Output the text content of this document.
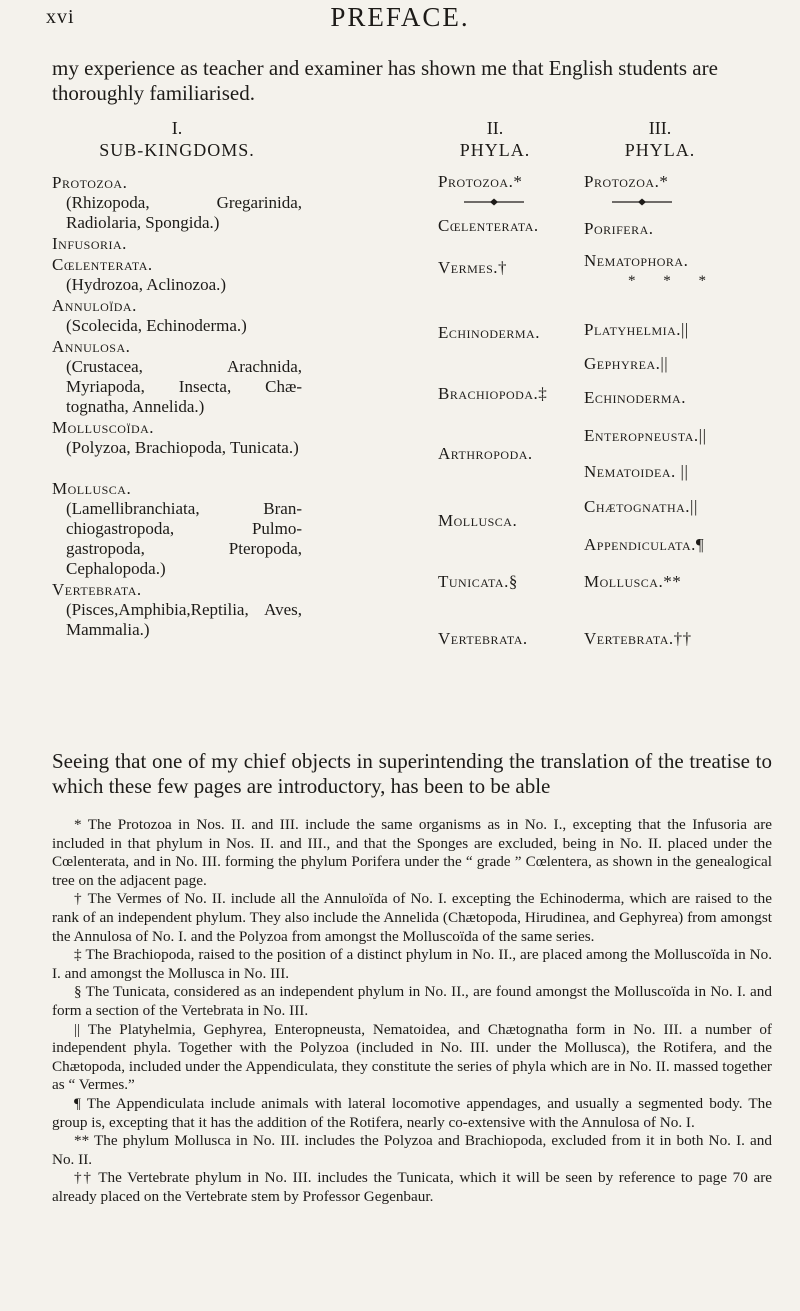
xvi	PREFACE.

my experience as teacher and examiner has shown me that English students are thoroughly familiarised.

I.
SUB-KINGDOMS.
II.
PHYLA.
III.
PHYLA.
Protozoa.
(Rhizopoda, Gregarinida, Radiolaria, Spongida.)
Infusoria.
Cœlenterata.
(Hydrozoa, Aclinozoa.)
Annuloïda.
(Scolecida, Echinoderma.)
Annulosa.
(Crustacea, Arachnida, Myriapoda, Insecta, Chæ-tognatha, Annelida.)
Molluscoïda.
(Polyzoa, Brachiopoda, Tunicata.)
Mollusca.
(Lamellibranchiata, Bran-chiogastropoda, Pulmo-gastropoda, Pteropoda, Cephalopoda.)
Vertebrata.
(Pisces,Amphibia,Reptilia, Aves, Mammalia.)
Protozoa.*
Cœlenterata.
Vermes.†
Echinoderma.
Brachiopoda.‡
Arthropoda.
Mollusca.
Tunicata.§
Vertebrata.
Protozoa.*
Porifera.
Nematophora.
* * *
Platyhelmia.||
Gephyrea.||
Echinoderma.
Enteropneusta.||
Nematoidea. ||
Chætognatha.||
Appendiculata.¶
Mollusca.**
Vertebrata.††

Seeing that one of my chief objects in superintending the translation of the treatise to which these few pages are introductory, has been to be able

* The Protozoa in Nos. II. and III. include the same organisms as in No. I., excepting that the Infusoria are included in that phylum in Nos. II. and III., and that the Sponges are excluded, being in No. II. placed under the Cœlenterata, and in No. III. forming the phylum Porifera under the “ grade ” Cœlentera, as shown in the genealogical tree on the adjacent page.

† The Vermes of No. II. include all the Annuloïda of No. I. excepting the Echinoderma, which are raised to the rank of an independent phylum. They also include the Annelida (Chætopoda, Hirudinea, and Gephyrea) from amongst the Annulosa of No. I. and the Polyzoa from amongst the Molluscoïda of the same series.

‡ The Brachiopoda, raised to the position of a distinct phylum in No. II., are placed among the Molluscoïda in No. I. and amongst the Mollusca in No. III.

§ The Tunicata, considered as an independent phylum in No. II., are found amongst the Molluscoïda in No. I. and form a section of the Vertebrata in No. III.

|| The Platyhelmia, Gephyrea, Enteropneusta, Nematoidea, and Chætognatha form in No. III. a number of independent phyla. Together with the Polyzoa (included in No. III. under the Mollusca), the Rotifera, and the Chætopoda, included under the Appendiculata, they constitute the series of phyla which are in No. II. massed together as “ Vermes.”

¶ The Appendiculata include animals with lateral locomotive appendages, and usually a segmented body. The group is, excepting that it has the addition of the Rotifera, nearly co-extensive with the Annulosa of No. I.

** The phylum Mollusca in No. III. includes the Polyzoa and Brachiopoda, excluded from it in both No. I. and No. II.

†† The Vertebrate phylum in No. III. includes the Tunicata, which it will be seen by reference to page 70 are already placed on the Vertebrate stem by Professor Gegenbaur.
